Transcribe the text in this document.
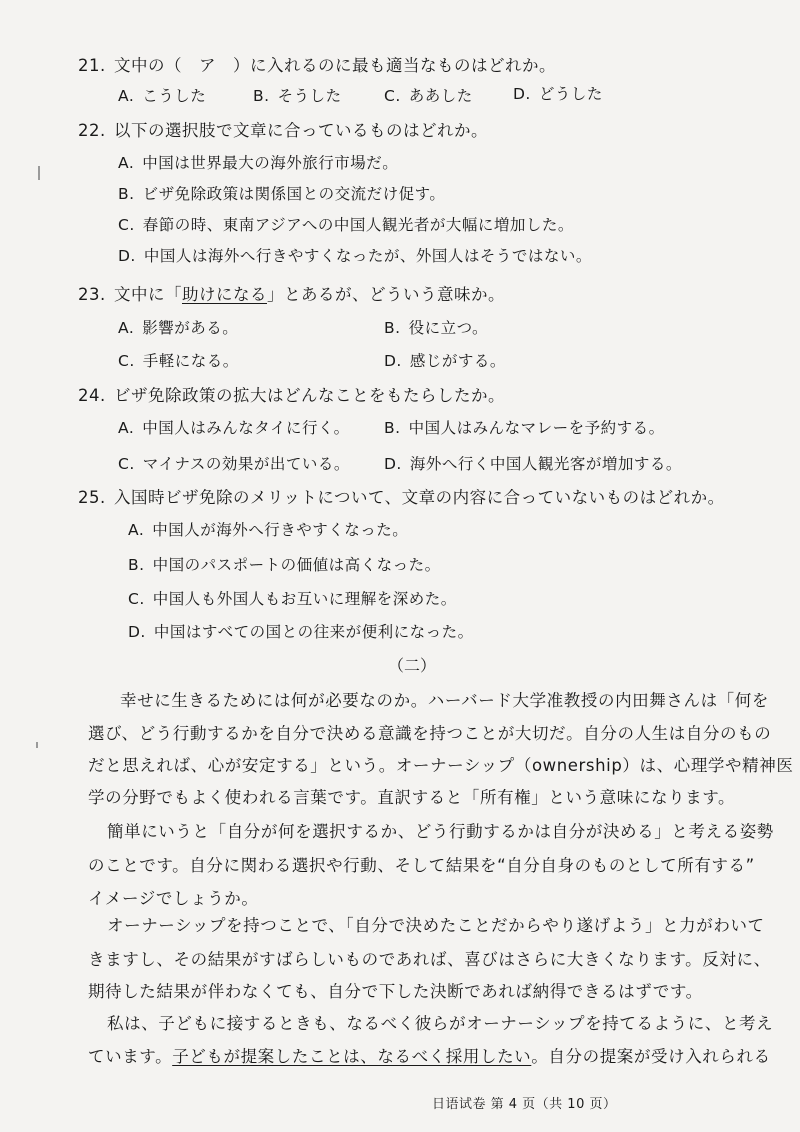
21. 文中の（　ア　）に入れるのに最も適当なものはどれか。
A. こうした	B. そうした	C. ああした	D. どうした
22. 以下の選択肢で文章に合っているものはどれか。
A. 中国は世界最大の海外旅行市場だ。
B. ビザ免除政策は関係国との交流だけ促す。
C. 春節の時、東南アジアへの中国人観光者が大幅に増加した。
D. 中国人は海外へ行きやすくなったが、外国人はそうではない。
23. 文中に「助けになる」とあるが、どういう意味か。
A. 影響がある。	B. 役に立つ。
C. 手軽になる。	D. 感じがする。
24. ビザ免除政策の拡大はどんなことをもたらしたか。
A. 中国人はみんなタイに行く。 B. 中国人はみんなマレーを予約する。
C. マイナスの効果が出ている。 D. 海外へ行く中国人観光客が増加する。
25. 入国時ビザ免除のメリットについて、文章の内容に合っていないものはどれか。
A. 中国人が海外へ行きやすくなった。
B. 中国のパスポートの価値は高くなった。
C. 中国人も外国人もお互いに理解を深めた。
D. 中国はすべての国との往来が便利になった。
（二）
幸せに生きるためには何が必要なのか。ハーバード大学准教授の内田舞さんは「何を
選び、どう行動するかを自分で決める意識を持つことが大切だ。自分の人生は自分のもの
だと思えれば、心が安定する」という。オーナーシップ（ownership）は、心理学や精神医
学の分野でもよく使われる言葉です。直訳すると「所有権」という意味になります。
簡単にいうと「自分が何を選択するか、どう行動するかは自分が決める」と考える姿勢
のことです。自分に関わる選択や行動、そして結果を“自分自身のものとして所有する”
イメージでしょうか。
オーナーシップを持つことで、「自分で決めたことだからやり遂げよう」と力がわいて
きますし、その結果がすばらしいものであれば、喜びはさらに大きくなります。反対に、
期待した結果が伴わなくても、自分で下した決断であれば納得できるはずです。
私は、子どもに接するときも、なるべく彼らがオーナーシップを持てるように、と考え
ています。子どもが提案したことは、なるべく採用したい。自分の提案が受け入れられる
日语试卷 第 4 页（共 10 页）
